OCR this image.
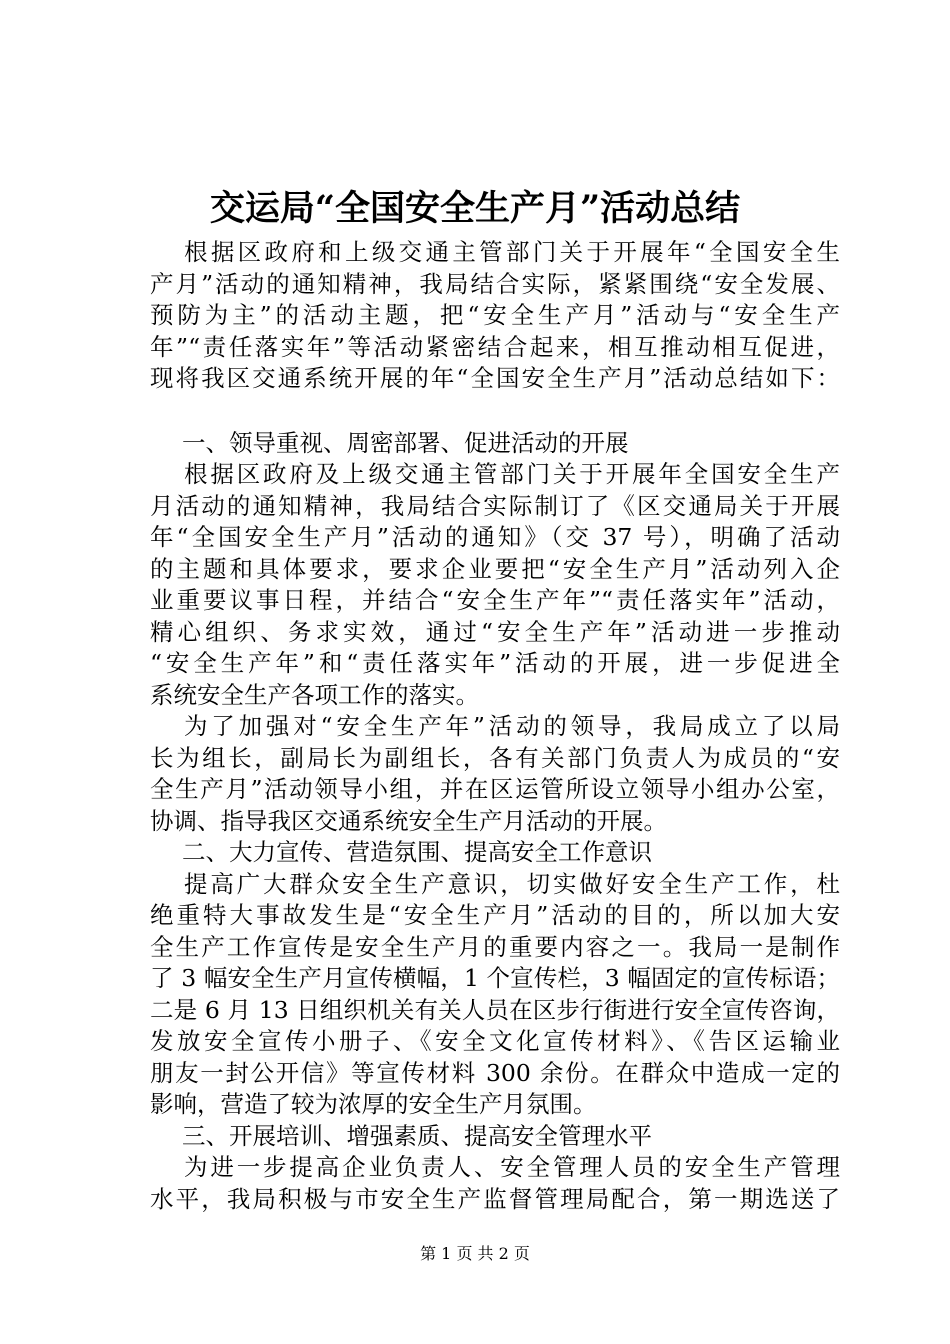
交运局“全国安全生产月”活动总结
根据区政府和上级交通主管部门关于开展年“全国安全生
产月”活动的通知精神，我局结合实际，紧紧围绕“安全发展、
预防为主”的活动主题，把“安全生产月”活动与“安全生产
年”“责任落实年”等活动紧密结合起来，相互推动相互促进，
现将我区交通系统开展的年“全国安全生产月”活动总结如下：
一、领导重视、周密部署、促进活动的开展
根据区政府及上级交通主管部门关于开展年全国安全生产
月活动的通知精神，我局结合实际制订了《区交通局关于开展
年“全国安全生产月”活动的通知》（交 37 号），明确了活动
的主题和具体要求，要求企业要把“安全生产月”活动列入企
业重要议事日程，并结合“安全生产年”“责任落实年”活动，
精心组织、务求实效，通过“安全生产年”活动进一步推动
“安全生产年”和“责任落实年”活动的开展，进一步促进全
系统安全生产各项工作的落实。
为了加强对“安全生产年”活动的领导，我局成立了以局
长为组长，副局长为副组长，各有关部门负责人为成员的“安
全生产月”活动领导小组，并在区运管所设立领导小组办公室，
协调、指导我区交通系统安全生产月活动的开展。
二、大力宣传、营造氛围、提高安全工作意识
提高广大群众安全生产意识，切实做好安全生产工作，杜
绝重特大事故发生是“安全生产月”活动的目的，所以加大安
全生产工作宣传是安全生产月的重要内容之一。我局一是制作
了 3 幅安全生产月宣传横幅，1 个宣传栏，3 幅固定的宣传标语；
二是 6 月 13 日组织机关有关人员在区步行街进行安全宣传咨询，
发放安全宣传小册子、《安全文化宣传材料》、《告区运输业
朋友一封公开信》等宣传材料 300 余份。在群众中造成一定的
影响，营造了较为浓厚的安全生产月氛围。
三、开展培训、增强素质、提高安全管理水平
为进一步提高企业负责人、安全管理人员的安全生产管理
水平，我局积极与市安全生产监督管理局配合，第一期选送了
第 1 页 共 2 页
